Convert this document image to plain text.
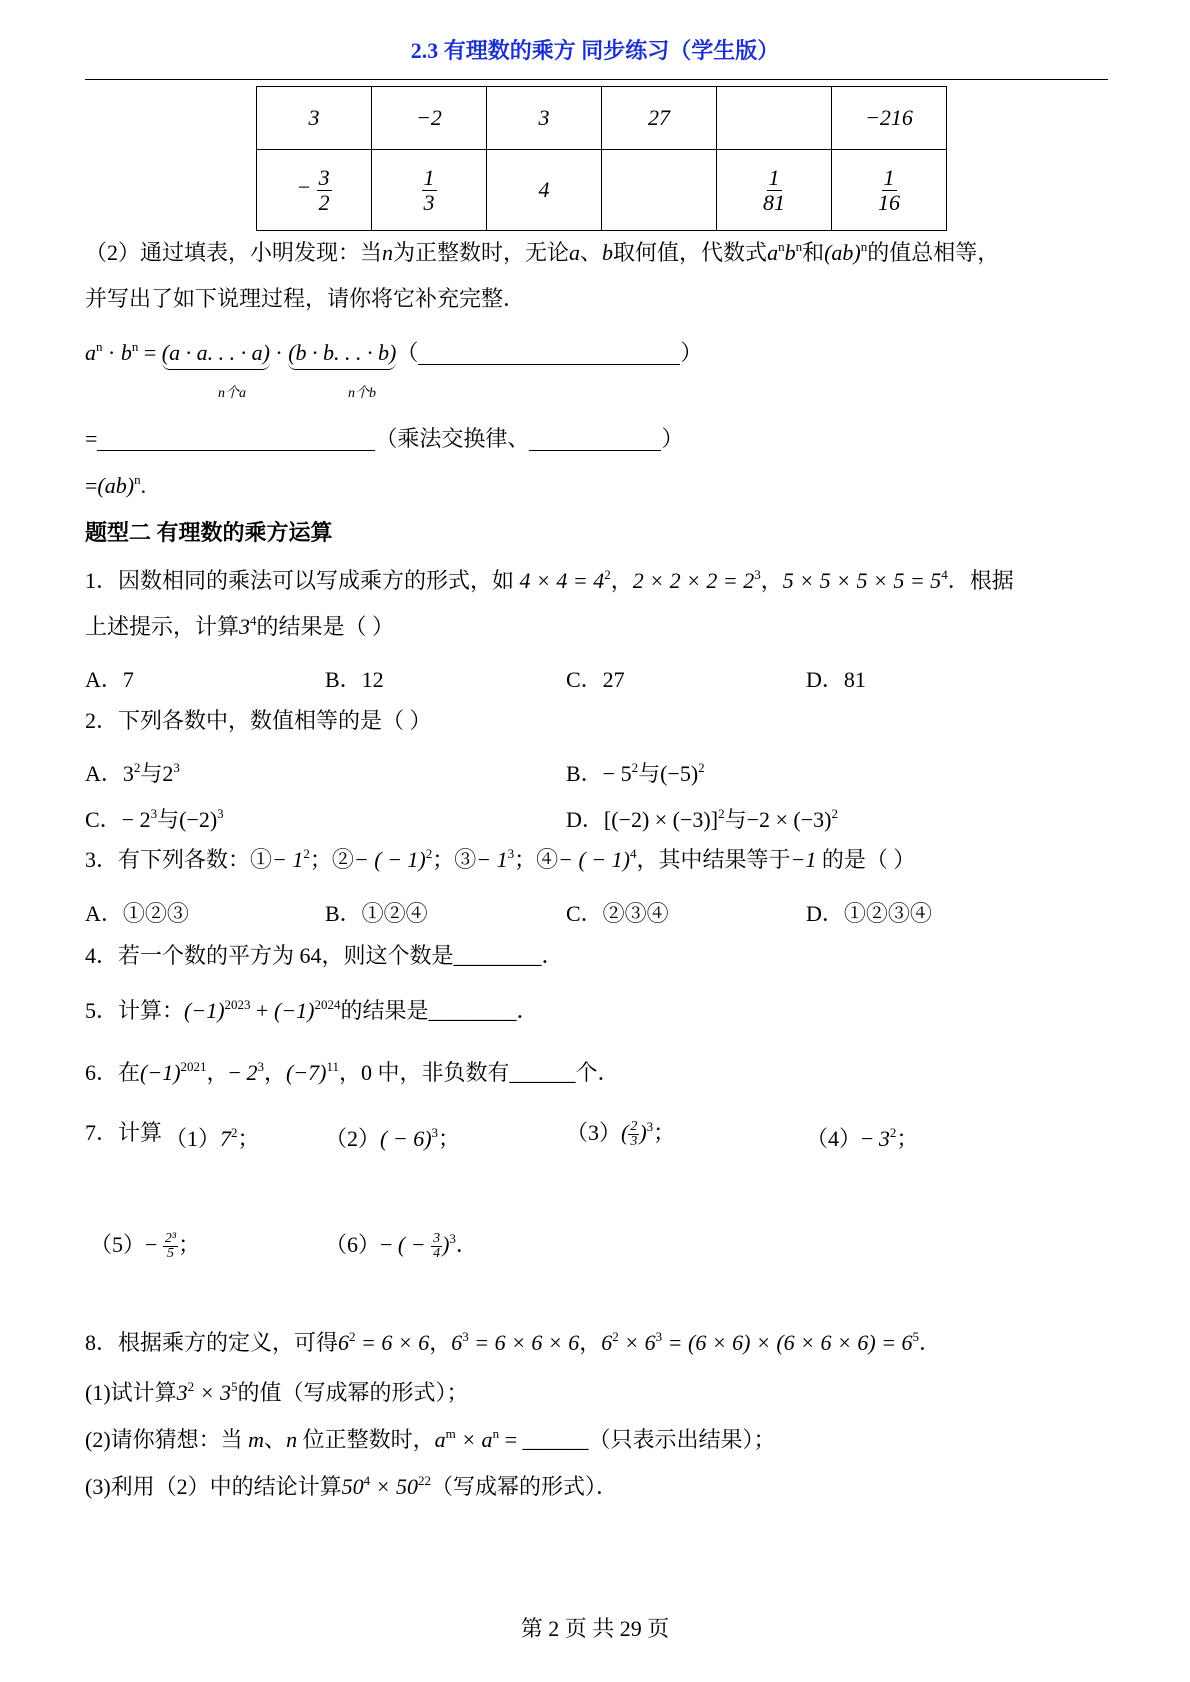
2.3 有理数的乘方 同步练习（学生版）
3	−2	3	27		−216
− $\frac{3}{2}$	$\frac{1}{3}$	4		$\frac{1}{81}$	$\frac{1}{16}$
（2）通过填表，小明发现：当n为正整数时，无论a、b取何值，代数式$a^nb^n$和(ab)$^n$的值总相等，
并写出了如下说理过程，请你将它补充完整．
$a^n \cdot b^n = (a \cdot a$. . . · a) · (b · b. . . · b)（	）
n个a	n个b
=	（乘法交换律、	）
=(ab)$^n$.
题型二 有理数的乘方运算
1．因数相同的乘法可以写成乘方的形式，如 $4 \times 4 = 4^2$，$2 \times 2 \times 2 = 2^3$，$5 \times 5 \times 5 \times 5 = 5^4$．根据
上述提示，计算$3^4$的结果是（ ）
A．7	B．12	C．27	D．81
2．下列各数中，数值相等的是（ ）
A．$3^2$与$2^3$	B．− $5^2$与$(-5)^2$
C．− $2^3$与$(-2)^3$	D．$[(-2) \times (-3)]^2$与$-2 \times (-3)^2$
3．有下列各数：①− $1^2$；②− ( − 1)$^2$；③− $1^3$；④− ( − 1)$^4$，其中结果等于−1 的是（ ）
A．①②③	B．①②④	C．②③④	D．①②③④
4．若一个数的平方为 64，则这个数是________．
5．计算：$(-1)^{2023} + (-1)^{2024}$的结果是________．
6．在$(-1)^{2021}$，− $2^3$，$(-7)^{11}$，0 中，非负数有______个．
7．计算 $(1)7^2$；	$(2)( - 6)^3$；	$(3)( \frac{2}{3} )^3$；	$(4)- 3^2$；
$(5)- \frac{\text{2³}}{5}$ ；	（6）− ( − $\frac{3}{4} )^3$．
8．根据乘方的定义，可得$6^2 = 6 \times 6$，$6^3 = 6 \times 6 \times 6$，$6^2 \times 6^3 = (6 \times 6) \times (6 \times 6 \times 6) = 6^5$．
(1)试计算$3^2 \times 3^5$的值（写成幂的形式）；
(2)请你猜想：当 m、n 位正整数时，$a^m \times a^n$ = ______（只表示出结果）；
(3)利用（2）中的结论计算$50^4 \times 50^{22}$（写成幂的形式）．
第 2 页 共 29 页
